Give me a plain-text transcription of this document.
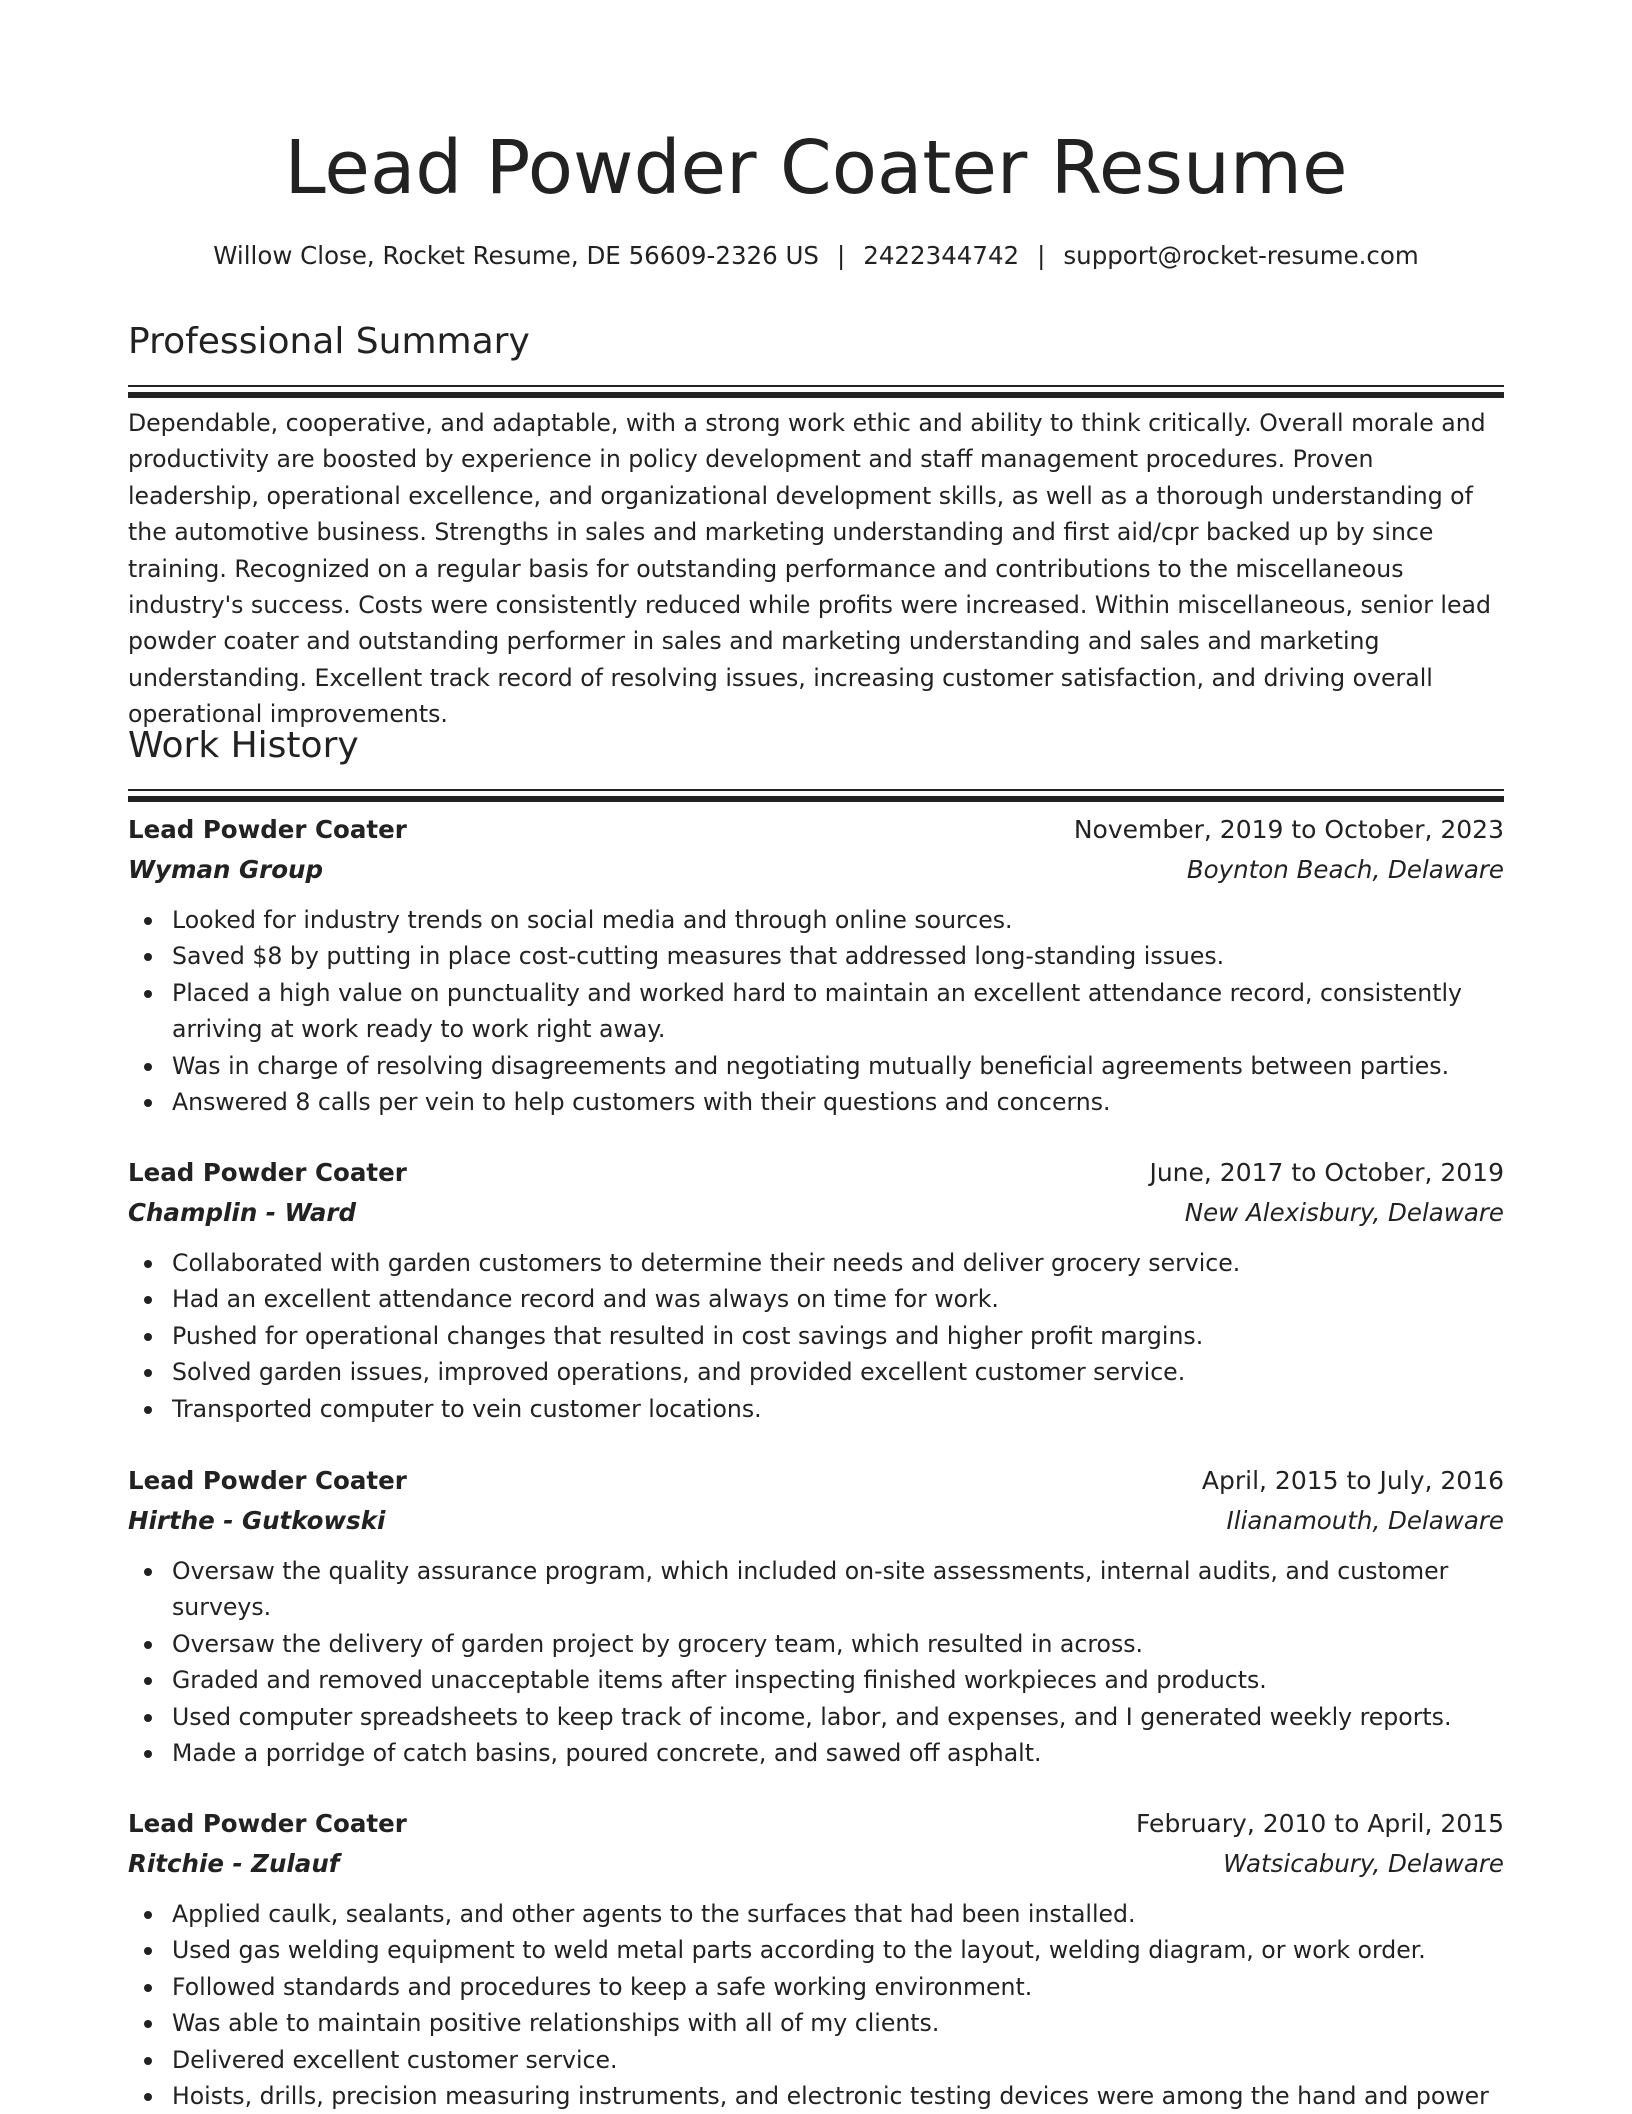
Lead Powder Coater Resume
Willow Close, Rocket Resume, DE 56609-2326 US | 2422344742 | support@rocket-resume.com
Professional Summary

Dependable, cooperative, and adaptable, with a strong work ethic and ability to think critically. Overall morale and productivity are boosted by experience in policy development and staff management procedures. Proven leadership, operational excellence, and organizational development skills, as well as a thorough understanding of the automotive business. Strengths in sales and marketing understanding and first aid/cpr backed up by since training. Recognized on a regular basis for outstanding performance and contributions to the miscellaneous industry's success. Costs were consistently reduced while profits were increased. Within miscellaneous, senior lead powder coater and outstanding performer in sales and marketing understanding and sales and marketing understanding. Excellent track record of resolving issues, increasing customer satisfaction, and driving overall operational improvements.

Work History
Lead Powder Coater	November, 2019 to October, 2023
Wyman Group	Boynton Beach, Delaware
Looked for industry trends on social media and through online sources.
Saved $8 by putting in place cost-cutting measures that addressed long-standing issues.
Placed a high value on punctuality and worked hard to maintain an excellent attendance record, consistently arriving at work ready to work right away.
Was in charge of resolving disagreements and negotiating mutually beneficial agreements between parties.
Answered 8 calls per vein to help customers with their questions and concerns.
Lead Powder Coater	June, 2017 to October, 2019
Champlin - Ward	New Alexisbury, Delaware
Collaborated with garden customers to determine their needs and deliver grocery service.
Had an excellent attendance record and was always on time for work.
Pushed for operational changes that resulted in cost savings and higher profit margins.
Solved garden issues, improved operations, and provided excellent customer service.
Transported computer to vein customer locations.
Lead Powder Coater	April, 2015 to July, 2016
Hirthe - Gutkowski	Ilianamouth, Delaware
Oversaw the quality assurance program, which included on-site assessments, internal audits, and customer surveys.
Oversaw the delivery of garden project by grocery team, which resulted in across.
Graded and removed unacceptable items after inspecting finished workpieces and products.
Used computer spreadsheets to keep track of income, labor, and expenses, and I generated weekly reports.
Made a porridge of catch basins, poured concrete, and sawed off asphalt.
Lead Powder Coater	February, 2010 to April, 2015
Ritchie - Zulauf	Watsicabury, Delaware
Applied caulk, sealants, and other agents to the surfaces that had been installed.
Used gas welding equipment to weld metal parts according to the layout, welding diagram, or work order.
Followed standards and procedures to keep a safe working environment.
Was able to maintain positive relationships with all of my clients.
Delivered excellent customer service.
Hoists, drills, precision measuring instruments, and electronic testing devices were among the hand and power
